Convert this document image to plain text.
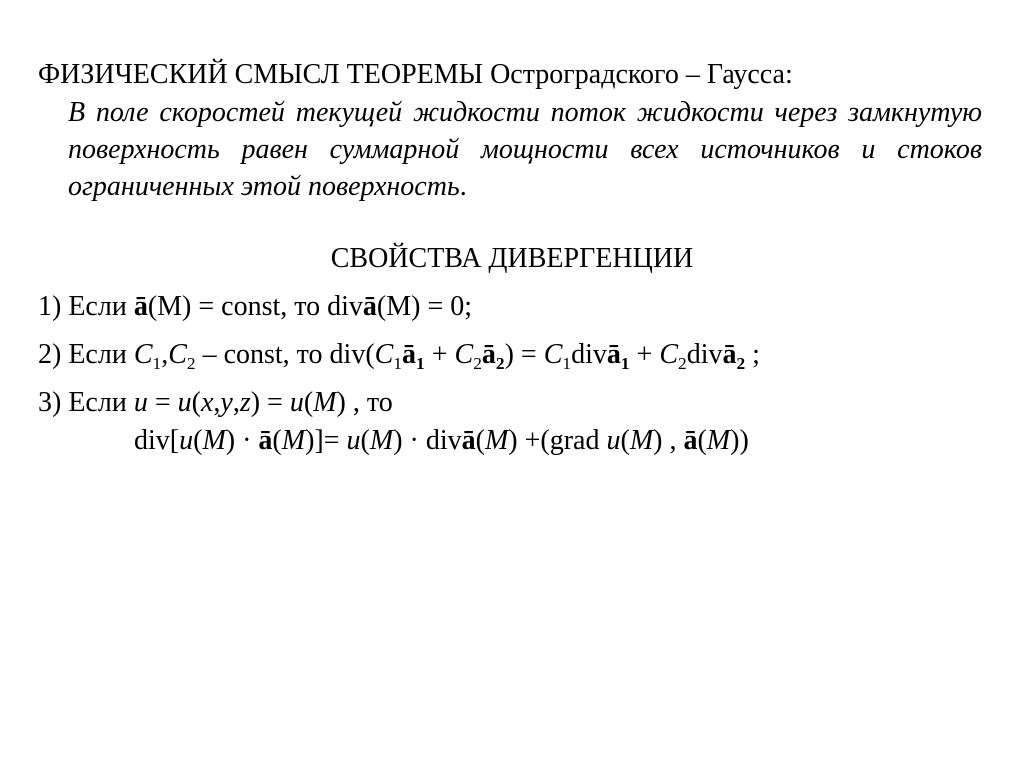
ФИЗИЧЕСКИЙ СМЫСЛ ТЕОРЕМЫ Остроградского – Гаусса:
В поле скоростей текущей жидкости поток жидкости через замкнутую поверхность равен суммарной мощности всех источников и стоков ограниченных этой поверхность.
СВОЙСТВА ДИВЕРГЕНЦИИ
1) Если ā(M) = const, то divā(M) = 0;
2) Если $C_1,C_2$ – const, то $div(C_1ā_1$ + $C_2ā_2$) = $C_1divā_1$ + $C_2divā_2$ ;
3) Если u = u(x,y,z) = u(M) , то
div[u(M) · ā(M)]= u(M) · divā(M) +(grad u(M) , ā(M))
